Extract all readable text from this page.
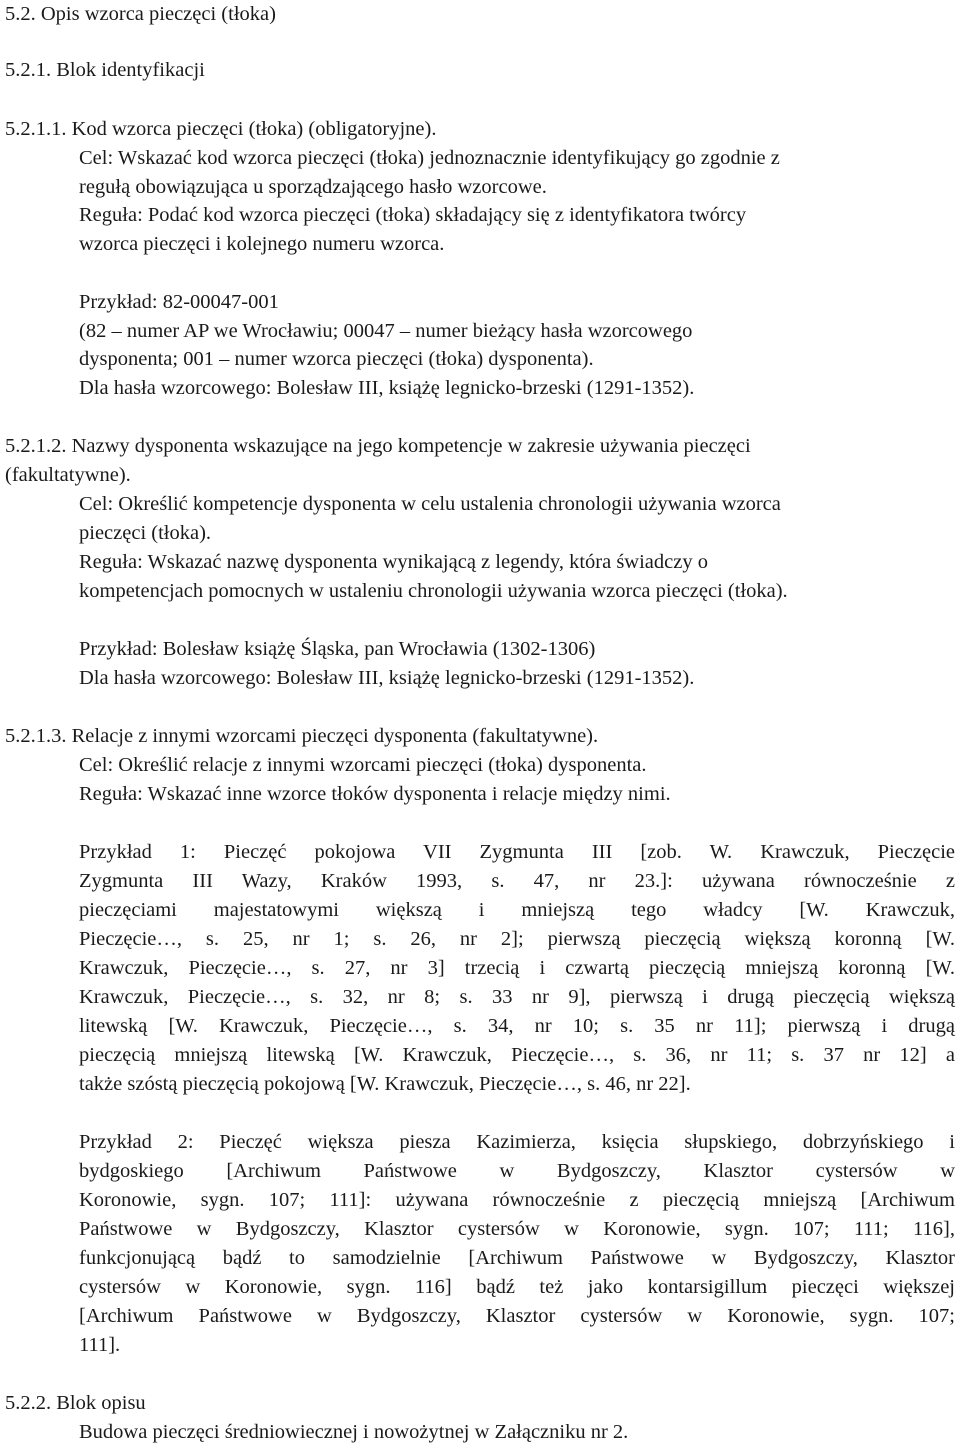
5.2. Opis wzorca pieczęci (tłoka)
5.2.1. Blok identyfikacji
5.2.1.1. Kod wzorca pieczęci (tłoka) (obligatoryjne).
Cel: Wskazać kod wzorca pieczęci (tłoka) jednoznacznie identyfikujący go zgodnie z
regułą obowiązująca u sporządzającego hasło wzorcowe.
Reguła: Podać kod wzorca pieczęci (tłoka) składający się z identyfikatora twórcy
wzorca pieczęci i kolejnego numeru wzorca.
Przykład: 82-00047-001
(82 – numer AP we Wrocławiu; 00047 – numer bieżący hasła wzorcowego
dysponenta; 001 – numer wzorca pieczęci (tłoka) dysponenta).
Dla hasła wzorcowego: Bolesław III, książę legnicko-brzeski (1291-1352).
5.2.1.2. Nazwy dysponenta wskazujące na jego kompetencje w zakresie używania pieczęci
(fakultatywne).
Cel: Określić kompetencje dysponenta w celu ustalenia chronologii używania wzorca
pieczęci (tłoka).
Reguła: Wskazać nazwę dysponenta wynikającą z legendy, która świadczy o
kompetencjach pomocnych w ustaleniu chronologii używania wzorca pieczęci (tłoka).
Przykład: Bolesław książę Śląska, pan Wrocławia (1302-1306)
Dla hasła wzorcowego: Bolesław III, książę legnicko-brzeski (1291-1352).
5.2.1.3. Relacje z innymi wzorcami pieczęci dysponenta (fakultatywne).
Cel: Określić relacje z innymi wzorcami pieczęci (tłoka) dysponenta.
Reguła: Wskazać inne wzorce tłoków dysponenta i relacje między nimi.
Przykład 1: Pieczęć pokojowa VII Zygmunta III [zob. W. Krawczuk, Pieczęcie
Zygmunta III Wazy, Kraków 1993, s. 47, nr 23.]: używana równocześnie z
pieczęciami majestatowymi większą i mniejszą tego władcy [W. Krawczuk,
Pieczęcie…, s. 25, nr 1; s. 26, nr 2]; pierwszą pieczęcią większą koronną [W.
Krawczuk, Pieczęcie…, s. 27, nr 3] trzecią i czwartą pieczęcią mniejszą koronną [W.
Krawczuk, Pieczęcie…, s. 32, nr 8; s. 33 nr 9], pierwszą i drugą pieczęcią większą
litewską [W. Krawczuk, Pieczęcie…, s. 34, nr 10; s. 35 nr 11]; pierwszą i drugą
pieczęcią mniejszą litewską [W. Krawczuk, Pieczęcie…, s. 36, nr 11; s. 37 nr 12] a
także szóstą pieczęcią pokojową [W. Krawczuk, Pieczęcie…, s. 46, nr 22].
Przykład 2: Pieczęć większa piesza Kazimierza, księcia słupskiego, dobrzyńskiego i
bydgoskiego [Archiwum Państwowe w Bydgoszczy, Klasztor cystersów w
Koronowie, sygn. 107; 111]: używana równocześnie z pieczęcią mniejszą [Archiwum
Państwowe w Bydgoszczy, Klasztor cystersów w Koronowie, sygn. 107; 111; 116],
funkcjonującą bądź to samodzielnie [Archiwum Państwowe w Bydgoszczy, Klasztor
cystersów w Koronowie, sygn. 116] bądź też jako kontarsigillum pieczęci większej
[Archiwum Państwowe w Bydgoszczy, Klasztor cystersów w Koronowie, sygn. 107;
111].
5.2.2. Blok opisu
Budowa pieczęci średniowiecznej i nowożytnej w Załączniku nr 2.
